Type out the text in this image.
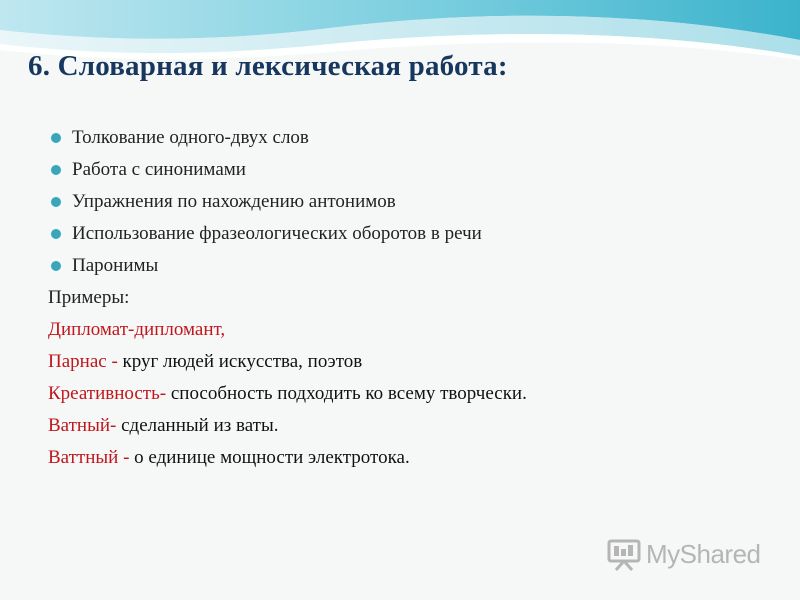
6. Словарная и лексическая работа:
Толкование одного-двух слов
Работа с синонимами
Упражнения по нахождению антонимов
Использование фразеологических оборотов в речи
Паронимы
Примеры:
Дипломат-дипломант,
Парнас - круг людей искусства, поэтов
Креативность- способность подходить ко всему творчески.
Ватный- сделанный из ваты.
Ваттный - о единице мощности электротока.
MyShared
